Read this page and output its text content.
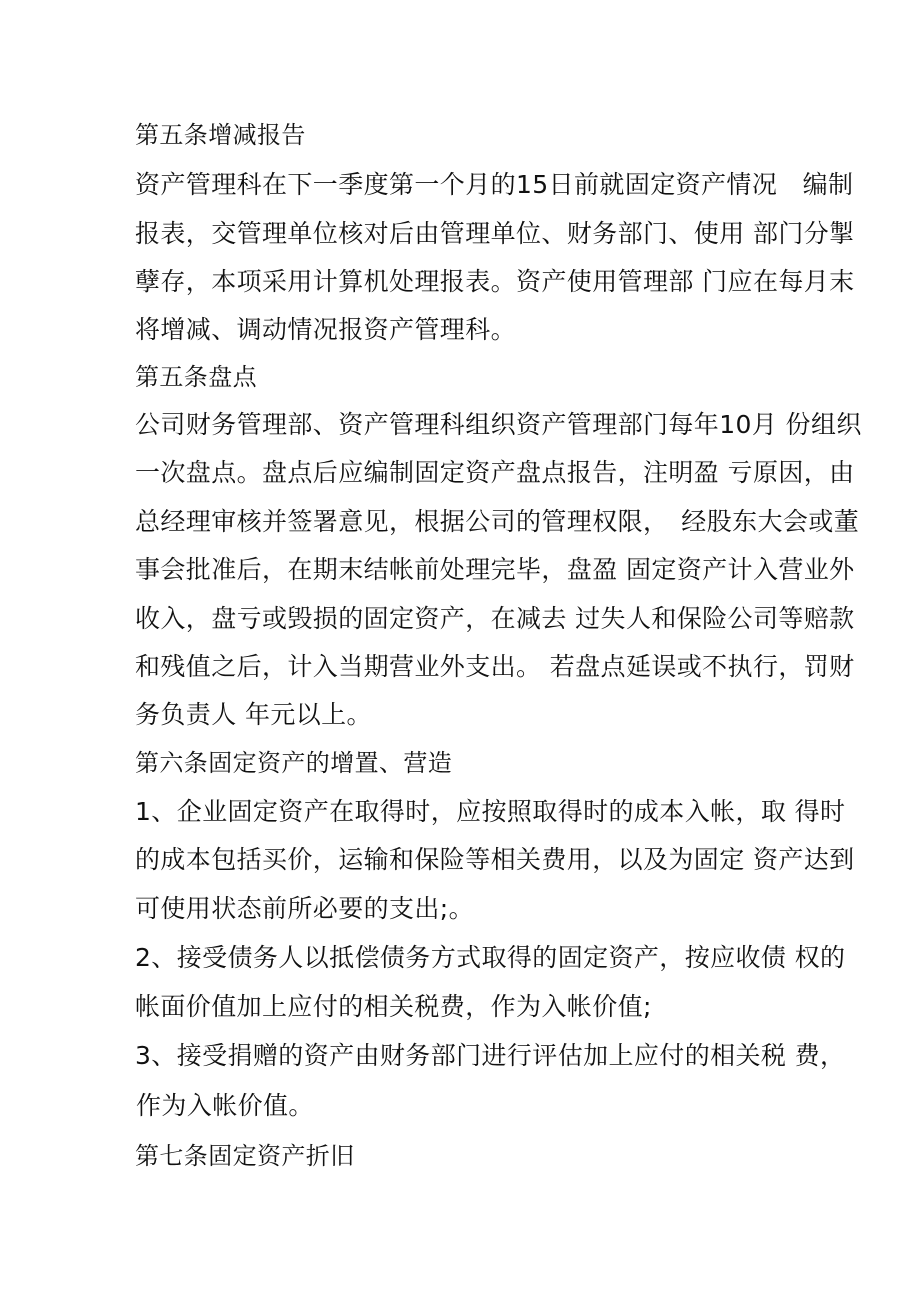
第五条增减报告
资产管理科在下一季度第一个月的15日前就固定资产情况　编制
报表，交管理单位核对后由管理单位、财务部门、使用 部门分掣
孽存，本项采用计算机处理报表。资产使用管理部 门应在每月末
将增减、调动情况报资产管理科。
第五条盘点
公司财务管理部、资产管理科组织资产管理部门每年10月 份组织
一次盘点。盘点后应编制固定资产盘点报告，注明盈 亏原因，由
总经理审核并签署意见，根据公司的管理权限，　经股东大会或董
事会批准后，在期末结帐前处理完毕，盘盈 固定资产计入营业外
收入，盘亏或毁损的固定资产，在减去 过失人和保险公司等赔款
和残值之后，计入当期营业外支出。 若盘点延误或不执行，罚财
务负责人 年元以上。
第六条固定资产的增置、营造
1、企业固定资产在取得时，应按照取得时的成本入帐，取 得时
的成本包括买价，运输和保险等相关费用，以及为固定 资产达到
可使用状态前所必要的支出;。
2、接受债务人以抵偿债务方式取得的固定资产，按应收债 权的
帐面价值加上应付的相关税费，作为入帐价值;
3、接受捐赠的资产由财务部门进行评估加上应付的相关税 费，
作为入帐价值。
第七条固定资产折旧
